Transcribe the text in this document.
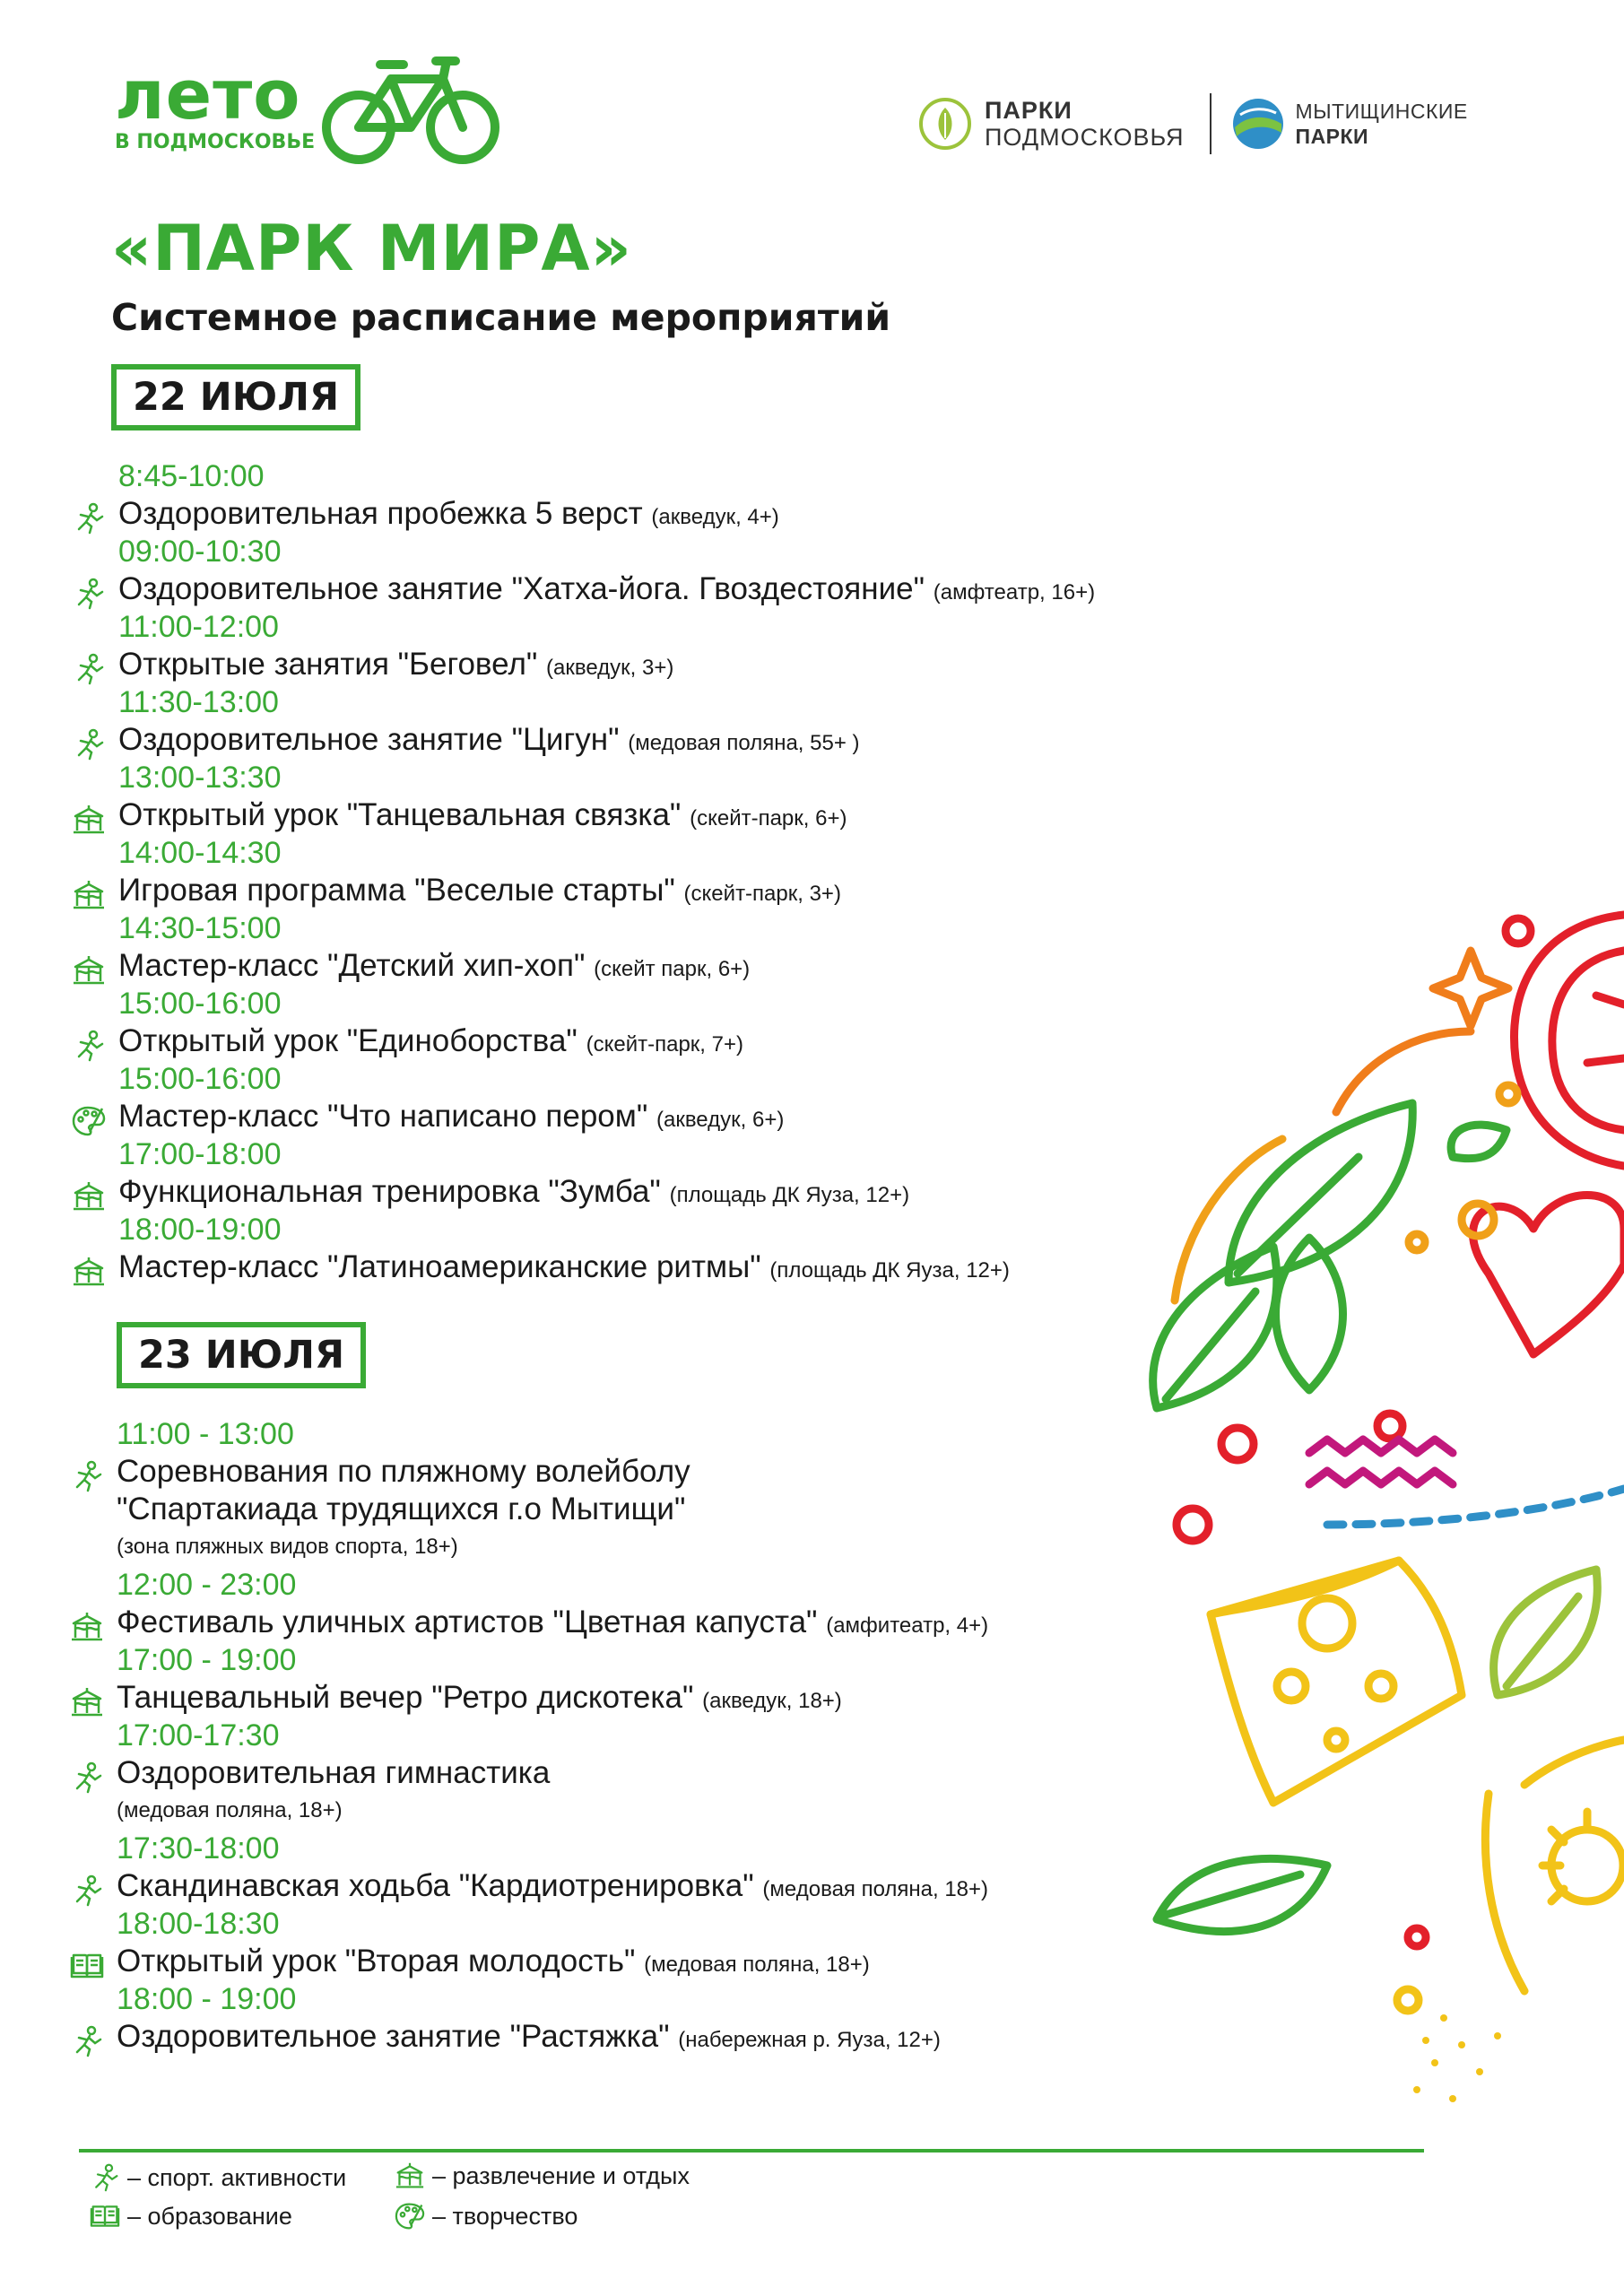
лето
В ПОДМОСКОВЬЕ
ПАРКИ
ПОДМОСКОВЬЯ
МЫТИЩИНСКИЕ
ПАРКИ
«ПАРК МИРА»
Системное расписание мероприятий
22 ИЮЛЯ
8:45-10:00
Оздоровительная пробежка 5 верст (акведук, 4+)
09:00-10:30
Оздоровительное занятие "Хатха-йога. Гвоздестояние" (амфтеатр, 16+)
11:00-12:00
Открытые занятия "Беговел" (акведук, 3+)
11:30-13:00
Оздоровительное занятие "Цигун" (медовая поляна, 55+ )
13:00-13:30
Открытый урок "Танцевальная связка" (скейт-парк, 6+)
14:00-14:30
Игровая программа "Веселые старты" (скейт-парк, 3+)
14:30-15:00
Мастер-класс "Детский хип-хоп" (скейт парк, 6+)
15:00-16:00
Открытый урок "Единоборства" (скейт-парк, 7+)
15:00-16:00
Мастер-класс "Что написано пером" (акведук, 6+)
17:00-18:00
Функциональная тренировка "Зумба" (площадь ДК Яуза, 12+)
18:00-19:00
Мастер-класс "Латиноамериканские ритмы" (площадь ДК Яуза, 12+)
23 ИЮЛЯ
11:00 - 13:00
Соревнования по пляжному волейболу
"Спартакиада трудящихся г.о Мытищи"
(зона пляжных видов спорта, 18+)
12:00 - 23:00
Фестиваль уличных артистов "Цветная капуста" (амфитеатр, 4+)
17:00 - 19:00
Танцевальный вечер "Ретро дискотека" (акведук, 18+)
17:00-17:30
Оздоровительная гимнастика
(медовая поляна, 18+)
17:30-18:00
Скандинавская ходьба "Кардиотренировка" (медовая поляна, 18+)
18:00-18:30
Открытый урок "Вторая молодость" (медовая поляна, 18+)
18:00 - 19:00
Оздоровительное занятие "Растяжка" (набережная р. Яуза, 12+)
– спорт. активности	– развлечение и отдых
– образование	– творчество
